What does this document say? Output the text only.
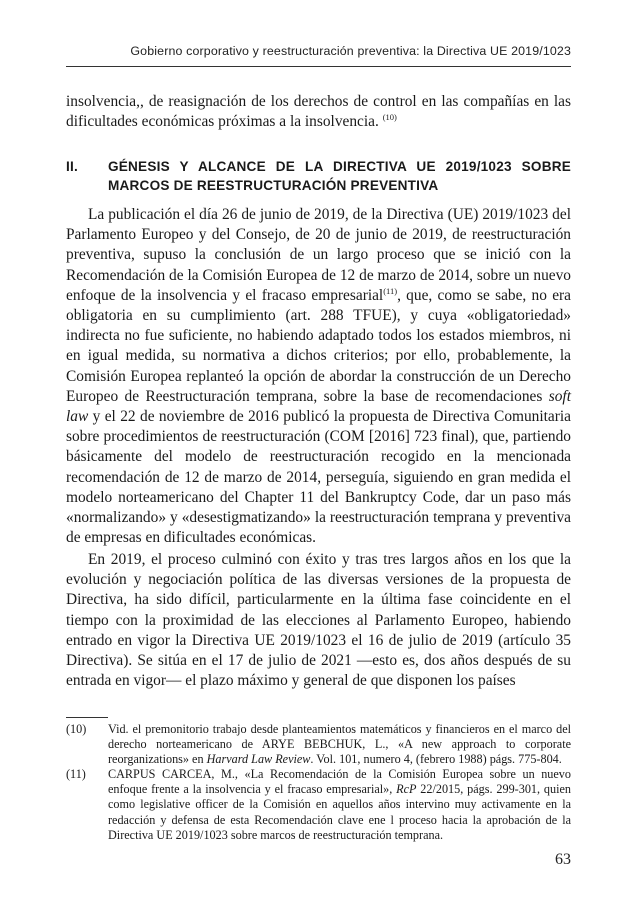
Gobierno corporativo y reestructuración preventiva: la Directiva UE 2019/1023

insolvencia,, de reasignación de los derechos de control en las compañías en las dificultades económicas próximas a la insolvencia. $^{(10)}$

II.	GÉNESIS Y ALCANCE DE LA DIRECTIVA UE 2019/1023 SOBRE MARCOS DE REESTRUCTURACIÓN PREVENTIVA

La publicación el día 26 de junio de 2019, de la Directiva (UE) 2019/1023 del Parlamento Europeo y del Consejo, de 20 de junio de 2019, de reestructuración preventiva, supuso la conclusión de un largo proceso que se inició con la Recomendación de la Comisión Europea de 12 de marzo de 2014, sobre un nuevo enfoque de la insolvencia y el fracaso empresarial$^{(11)}$, que, como se sabe, no era obligatoria en su cumplimiento (art. 288 TFUE), y cuya «obligatoriedad» indirecta no fue suficiente, no habiendo adaptado todos los estados miembros, ni en igual medida, su normativa a dichos criterios; por ello, probablemente, la Comisión Europea replanteó la opción de abordar la construcción de un Derecho Europeo de Reestructuración temprana, sobre la base de recomendaciones soft law y el 22 de noviembre de 2016 publicó la propuesta de Directiva Comunitaria sobre procedimientos de reestructuración (COM [2016] 723 final), que, partiendo básicamente del modelo de reestructuración recogido en la mencionada recomendación de 12 de marzo de 2014, perseguía, siguiendo en gran medida el modelo norteamericano del Chapter 11 del Bankruptcy Code, dar un paso más «normalizando» y «desestigmatizando» la reestructuración temprana y preventiva de empresas en dificultades económicas.

En 2019, el proceso culminó con éxito y tras tres largos años en los que la evolución y negociación política de las diversas versiones de la propuesta de Directiva, ha sido difícil, particularmente en la última fase coincidente en el tiempo con la proximidad de las elecciones al Parlamento Europeo, habiendo entrado en vigor la Directiva UE 2019/1023 el 16 de julio de 2019 (artículo 35 Directiva). Se sitúa en el 17 de julio de 2021 —esto es, dos años después de su entrada en vigor— el plazo máximo y general de que disponen los países

(10)	Vid. el premonitorio trabajo desde planteamientos matemáticos y financieros en el marco del derecho norteamericano de ARYE BEBCHUK, L., «A new approach to corporate reorganizations» en Harvard Law Review. Vol. 101, numero 4, (febrero 1988) págs. 775-804.
(11)	CARPUS CARCEA, M., «La Recomendación de la Comisión Europea sobre un nuevo enfoque frente a la insolvencia y el fracaso empresarial», RcP 22/2015, págs. 299-301, quien como legislative officer de la Comisión en aquellos años intervino muy activamente en la redacción y defensa de esta Recomendación clave ene l proceso hacia la aprobación de la Directiva UE 2019/1023 sobre marcos de reestructuración temprana.
63
